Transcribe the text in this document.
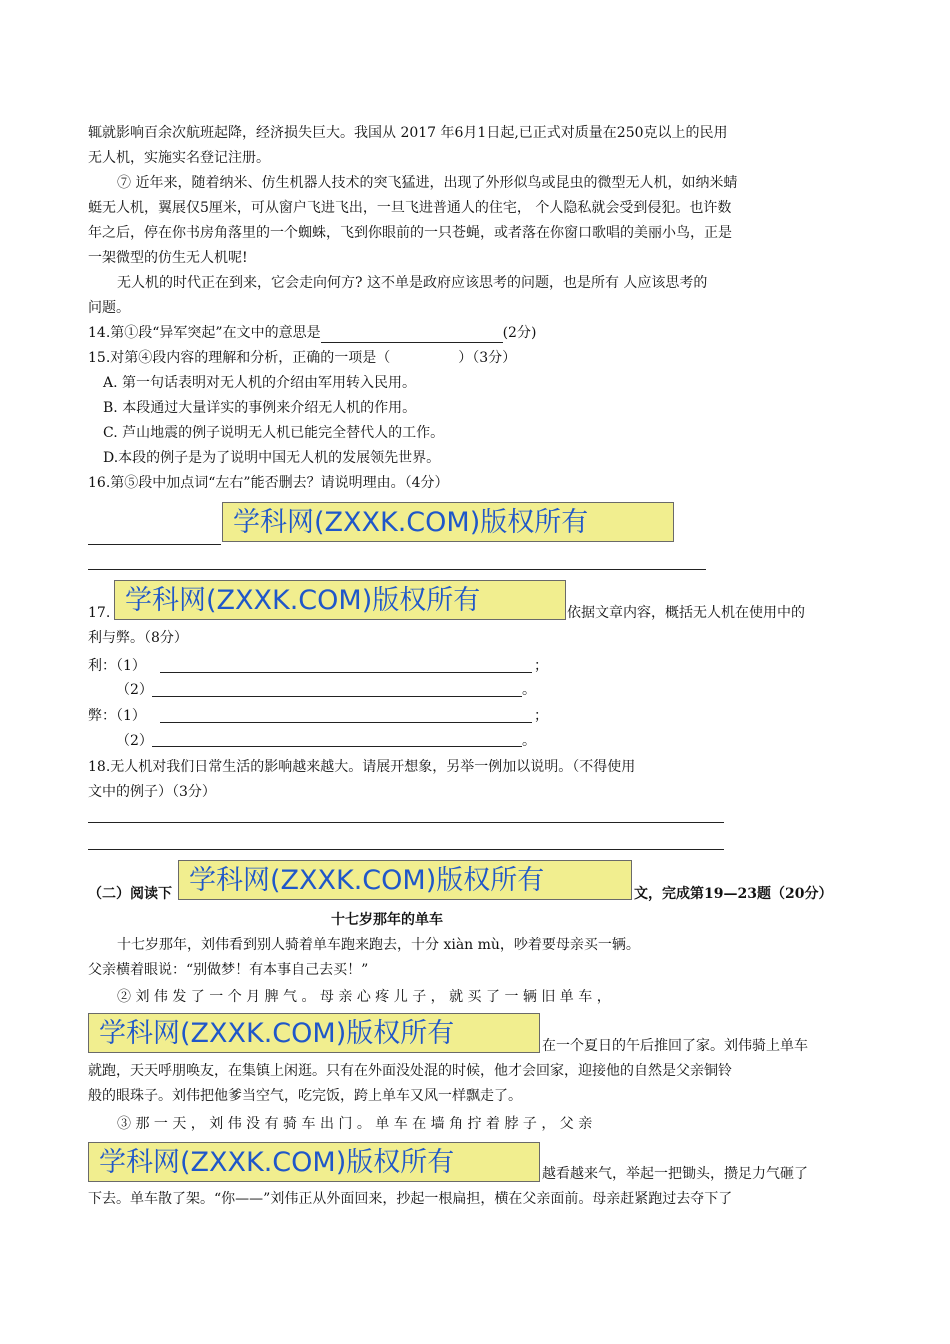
辄就影响百余次航班起降，经济损失巨大。我国从 2017 年6月1日起,已正式对质量在250克以上的民用
无人机，实施实名登记注册。
⑦ 近年来，随着纳米、仿生机器人技术的突飞猛进，出现了外形似鸟或昆虫的微型无人机，如纳米蜻
蜓无人机，翼展仅5厘米，可从窗户飞进飞出，一旦飞进普通人的住宅， 个人隐私就会受到侵犯。也许数
年之后，停在你书房角落里的一个蜘蛛，飞到你眼前的一只苍蝇，或者落在你窗口歌唱的美丽小鸟，正是
一架微型的仿生无人机呢!
无人机的时代正在到来，它会走向何方? 这不单是政府应该思考的问题，也是所有 人应该思考的
问题。
14.第①段“异军突起”在文中的意思是	(2分)
15.对第④段内容的理解和分析，正确的一项是（	）（3分）
A. 第一句话表明对无人机的介绍由军用转入民用。
B. 本段通过大量详实的事例来介绍无人机的作用。
C. 芦山地震的例子说明无人机已能完全替代人的工作。
D.本段的例子是为了说明中国无人机的发展领先世界。
16.第⑤段中加点词“左右”能否删去？请说明理由。（4分）
学科网(ZXXK.COM)版权所有
学科网(ZXXK.COM)版权所有
17.	依据文章内容，概括无人机在使用中的
利与弊。（8分）
利：（1）	；
（2）	。
弊：（1）	；
（2）	。
18.无人机对我们日常生活的影响越来越大。请展开想象，另举一例加以说明。（不得使用
文中的例子）（3分）
学科网(ZXXK.COM)版权所有
（二）阅读下	文，完成第19—23题（20分）
十七岁那年的单车
十七岁那年，刘伟看到别人骑着单车跑来跑去，十分 xiàn mù，吵着要母亲买一辆。
父亲横着眼说：“别做梦！有本事自己去买！”
② 刘 伟 发 了 一 个 月 脾 气 。 母 亲 心 疼 儿 子 ， 就 买 了 一 辆 旧 单 车 ，
学科网(ZXXK.COM)版权所有	在一个夏日的午后推回了家。刘伟骑上单车
就跑，天天呼朋唤友，在集镇上闲逛。只有在外面没处混的时候，他才会回家，迎接他的自然是父亲铜铃
般的眼珠子。刘伟把他爹当空气，吃完饭，跨上单车又风一样飘走了。
③ 那 一 天 ， 刘 伟 没 有 骑 车 出 门 。 单 车 在 墙 角 拧 着 脖 子 ， 父 亲
学科网(ZXXK.COM)版权所有	越看越来气，举起一把锄头，攒足力气砸了
下去。单车散了架。“你——”刘伟正从外面回来，抄起一根扁担，横在父亲面前。母亲赶紧跑过去夺下了
